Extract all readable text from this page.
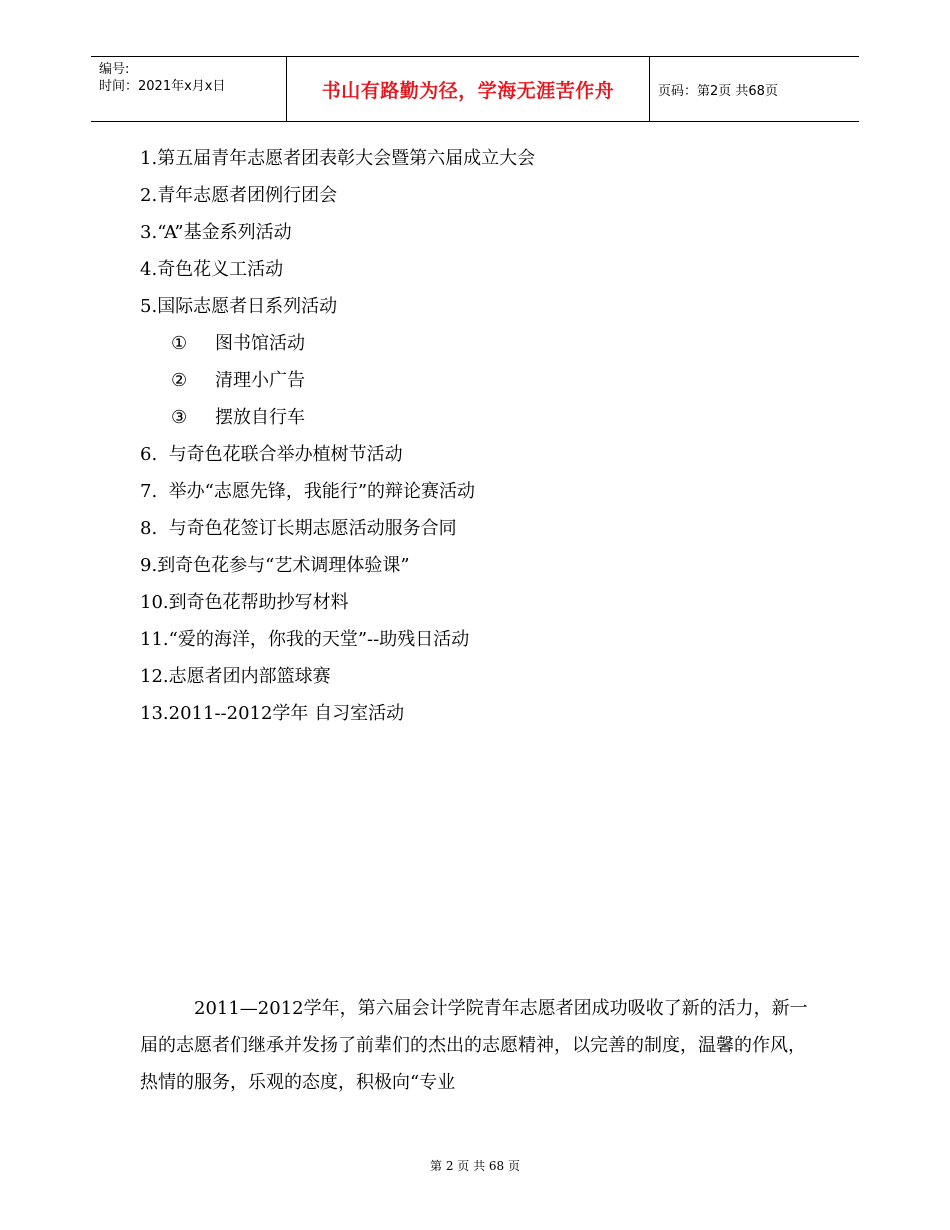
编号:
时间：2021年x月x日	书山有路勤为径，学海无涯苦作舟	页码：第2页 共68页
1.第五届青年志愿者团表彰大会暨第六届成立大会
2.青年志愿者团例行团会
3.“A”基金系列活动
4.奇色花义工活动
5.国际志愿者日系列活动
① 图书馆活动
② 清理小广告
③ 摆放自行车
6.  与奇色花联合举办植树节活动
7.  举办“志愿先锋，我能行”的辩论赛活动
8.  与奇色花签订长期志愿活动服务合同
9.到奇色花参与“艺术调理体验课”
10.到奇色花帮助抄写材料
11.“爱的海洋，你我的天堂”--助残日活动
12.志愿者团内部篮球赛
13.2011--2012学年 自习室活动

2011—2012学年，第六届会计学院青年志愿者团成功吸收了新的活力，新一届的志愿者们继承并发扬了前辈们的杰出的志愿精神，以完善的制度，温馨的作风，热情的服务，乐观的态度，积极向“专业

第 2 页 共 68 页
